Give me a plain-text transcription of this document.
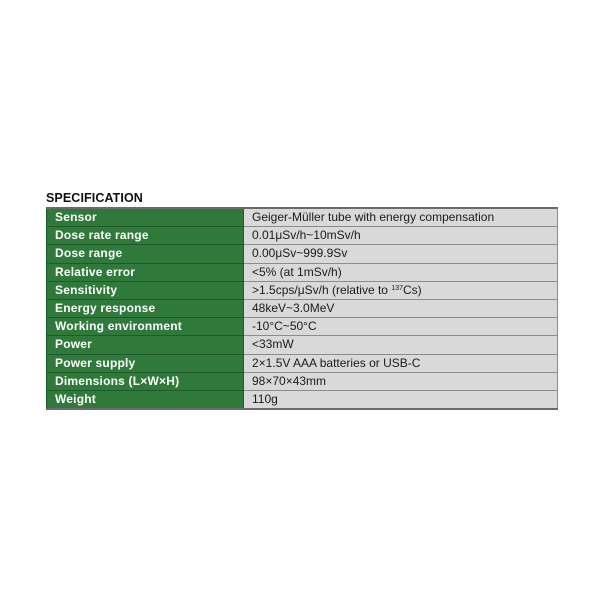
SPECIFICATION
Sensor	Geiger-Müller tube with energy compensation
Dose rate range	0.01μSv/h~10mSv/h
Dose range	0.00μSv~999.9Sv
Relative error	<5% (at 1mSv/h)
Sensitivity	>1.5cps/μSv/h (relative to $^{137}$Cs)
Energy response	48keV~3.0MeV
Working environment	-10°C~50°C
Power	<33mW
Power supply	2×1.5V AAA batteries or USB-C
Dimensions (L×W×H)	98×70×43mm
Weight	110g
